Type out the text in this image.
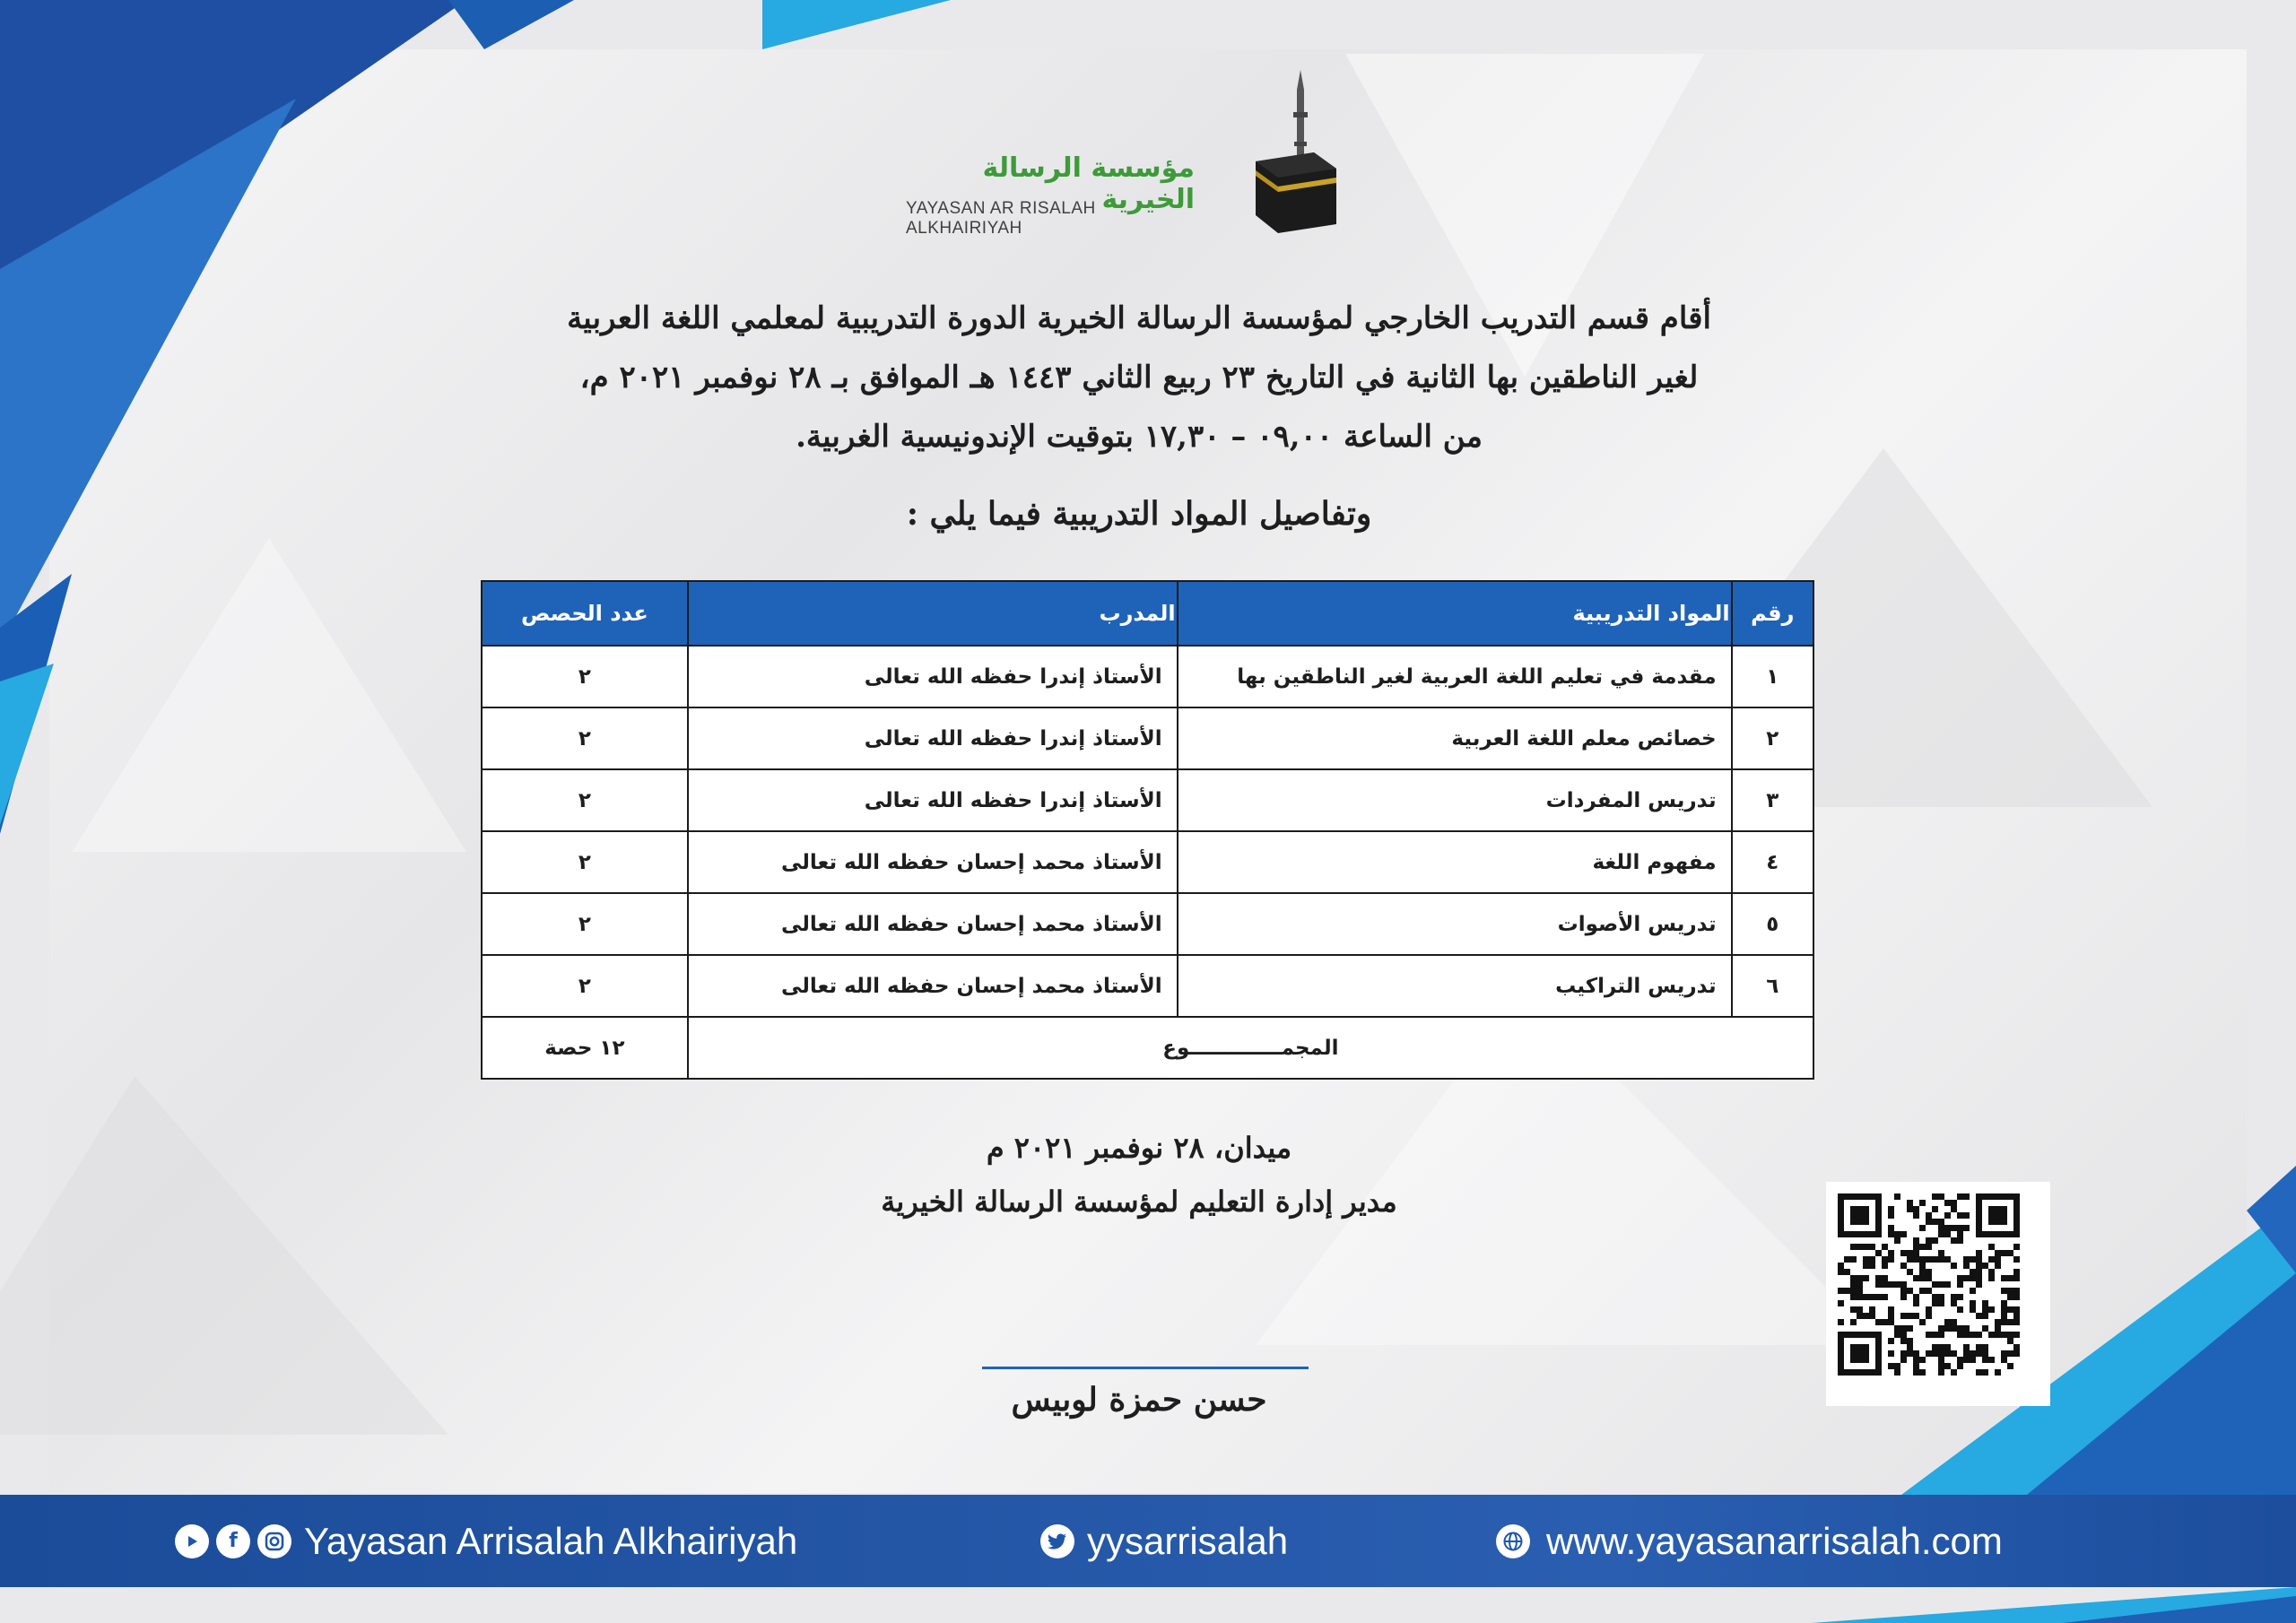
مؤسسة الرسالة الخيرية
YAYASAN AR RISALAH ALKHAIRIYAH
أقام قسم التدريب الخارجي لمؤسسة الرسالة الخيرية الدورة التدريبية لمعلمي اللغة العربية
لغير الناطقين بها الثانية في التاريخ ٢٣ ربيع الثاني ١٤٤٣ هـ الموافق بـ ٢٨ نوفمبر ٢٠٢١ م،
من الساعة ٠٩,٠٠ – ١٧,٣٠ بتوقيت الإندونيسية الغربية.
وتفاصيل المواد التدريبية فيما يلي :
رقم	المواد التدريبية	المدرب	عدد الحصص
١	مقدمة في تعليم اللغة العربية لغير الناطقين بها	الأستاذ إندرا حفظه الله تعالى	٢
٢	خصائص معلم اللغة العربية	الأستاذ إندرا حفظه الله تعالى	٢
٣	تدريس المفردات	الأستاذ إندرا حفظه الله تعالى	٢
٤	مفهوم اللغة	الأستاذ محمد إحسان حفظه الله تعالى	٢
٥	تدريس الأصوات	الأستاذ محمد إحسان حفظه الله تعالى	٢
٦	تدريس التراكيب	الأستاذ محمد إحسان حفظه الله تعالى	٢
المجمـــــــــــــوع			١٢ حصة
ميدان، ٢٨ نوفمبر ٢٠٢١ م
مدير إدارة التعليم لمؤسسة الرسالة الخيرية
حسن حمزة لوبيس
f	Yayasan Arrisalah Alkhairiyah	yysarrisalah	www.yayasanarrisalah.com
